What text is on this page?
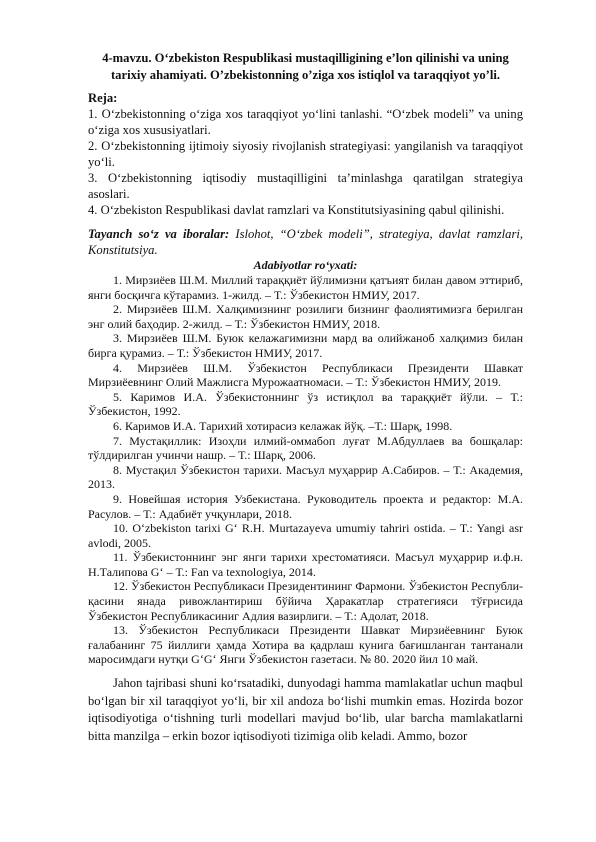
4-mavzu. O‘zbekiston Respublikasi mustaqilligining e’lon qilinishi va uning
tarixiy ahamiyati. O’zbekistonning o’ziga xos istiqlol va taraqqiyot yo’li.

Reja:

1. O‘zbekistonning o‘ziga xos taraqqiyot yo‘lini tanlashi. “O‘zbek modeli” va uning o‘ziga xos xususiyatlari.

2. O‘zbekistonning ijtimoiy siyosiy rivojlanish strategiyasi: yangilanish va taraqqiyot yo‘li.

3. O‘zbekistonning iqtisodiy mustaqilligini ta’minlashga qaratilgan strategiya asoslari.

4. O‘zbekiston Respublikasi davlat ramzlari va Konstitutsiyasining qabul qilinishi.

Tayanch so‘z va iboralar: Islohot, “O‘zbek modeli”, strategiya, davlat ramzlari, Konstitutsiya.

Adabiyotlar ro‘yxati:

1. Мирзиёев Ш.М. Миллий тараққиёт йўлимизни қатъият билан давом эттириб, янги босқичга кўтарамиз. 1-жилд. – Т.: Ўзбекистон НМИУ, 2017.

2. Мирзиёев Ш.М. Халқимизнинг розилиги бизнинг фаолиятимизга берилган энг олий баҳодир. 2-жилд. – Т.: Ўзбекистон НМИУ, 2018.

3. Мирзиёев Ш.М. Буюк келажагимизни мард ва олийжаноб халқимиз билан бирга қурамиз. – Т.: Ўзбекистон НМИУ, 2017.

4. Мирзиёев Ш.М. Ўзбекистон Республикаси Президенти Шавкат Мирзиёевнинг Олий Мажлисга Мурожаатномаси. – Т.: Ўзбекистон НМИУ, 2019.

5. Каримов И.А. Ўзбекистоннинг ўз истиқлол ва тараққиёт йўли. – Т.: Ўзбекистон, 1992.

6. Каримов И.А. Тарихий хотирасиз келажак йўқ. –Т.: Шарқ, 1998.

7. Мустақиллик: Изоҳли илмий-оммабоп луғат М.Абдуллаев ва бошқалар: тўлдирилган учинчи нашр. – Т.: Шарқ, 2006.

8. Мустақил Ўзбекистон тарихи. Масъул муҳаррир А.Сабиров. – Т.: Академия, 2013.

9. Новейшая история Узбекистана. Руководитель проекта и редактор: М.А. Расулов. – Т.: Адабиёт учқунлари, 2018.

10. O‘zbekiston tarixi G‘ R.H. Murtazayeva umumiy tahriri ostida. – T.: Yangi asr avlodi, 2005.

11. Ўзбекистоннинг энг янги тарихи хрестоматияси. Масъул муҳаррир и.ф.н. Н.Талипова G‘ – Т.: Fan va texnologiya, 2014.

12. Ўзбекистон Республикаси Президентининг Фармони. Ўзбекистон Республи-қасини янада ривожлантириш бўйича Ҳаракатлар стратегияси тўғрисида Ўзбекистон Республикасиниг Адлия вазирлиги. – Т.: Адолат, 2018.

13. Ўзбекистон Республикаси Президенти Шавкат Мирзиёевнинг Буюк ғалабанинг 75 йиллиги ҳамда Хотира ва қадрлаш кунига бағишланган тантанали маросимдаги нутқи G‘G‘ Янги Ўзбекистон газетаси. № 80. 2020 йил 10 май.

Jahon tajribasi shuni ko‘rsatadiki, dunyodagi hamma mamlakatlar uchun maqbul bo‘lgan bir xil taraqqiyot yo‘li, bir xil andoza bo‘lishi mumkin emas. Hozirda bozor iqtisodiyotiga o‘tishning turli modellari mavjud bo‘lib, ular barcha mamlakatlarni bitta manzilga – erkin bozor iqtisodiyoti tizimiga olib keladi. Ammo, bozor
